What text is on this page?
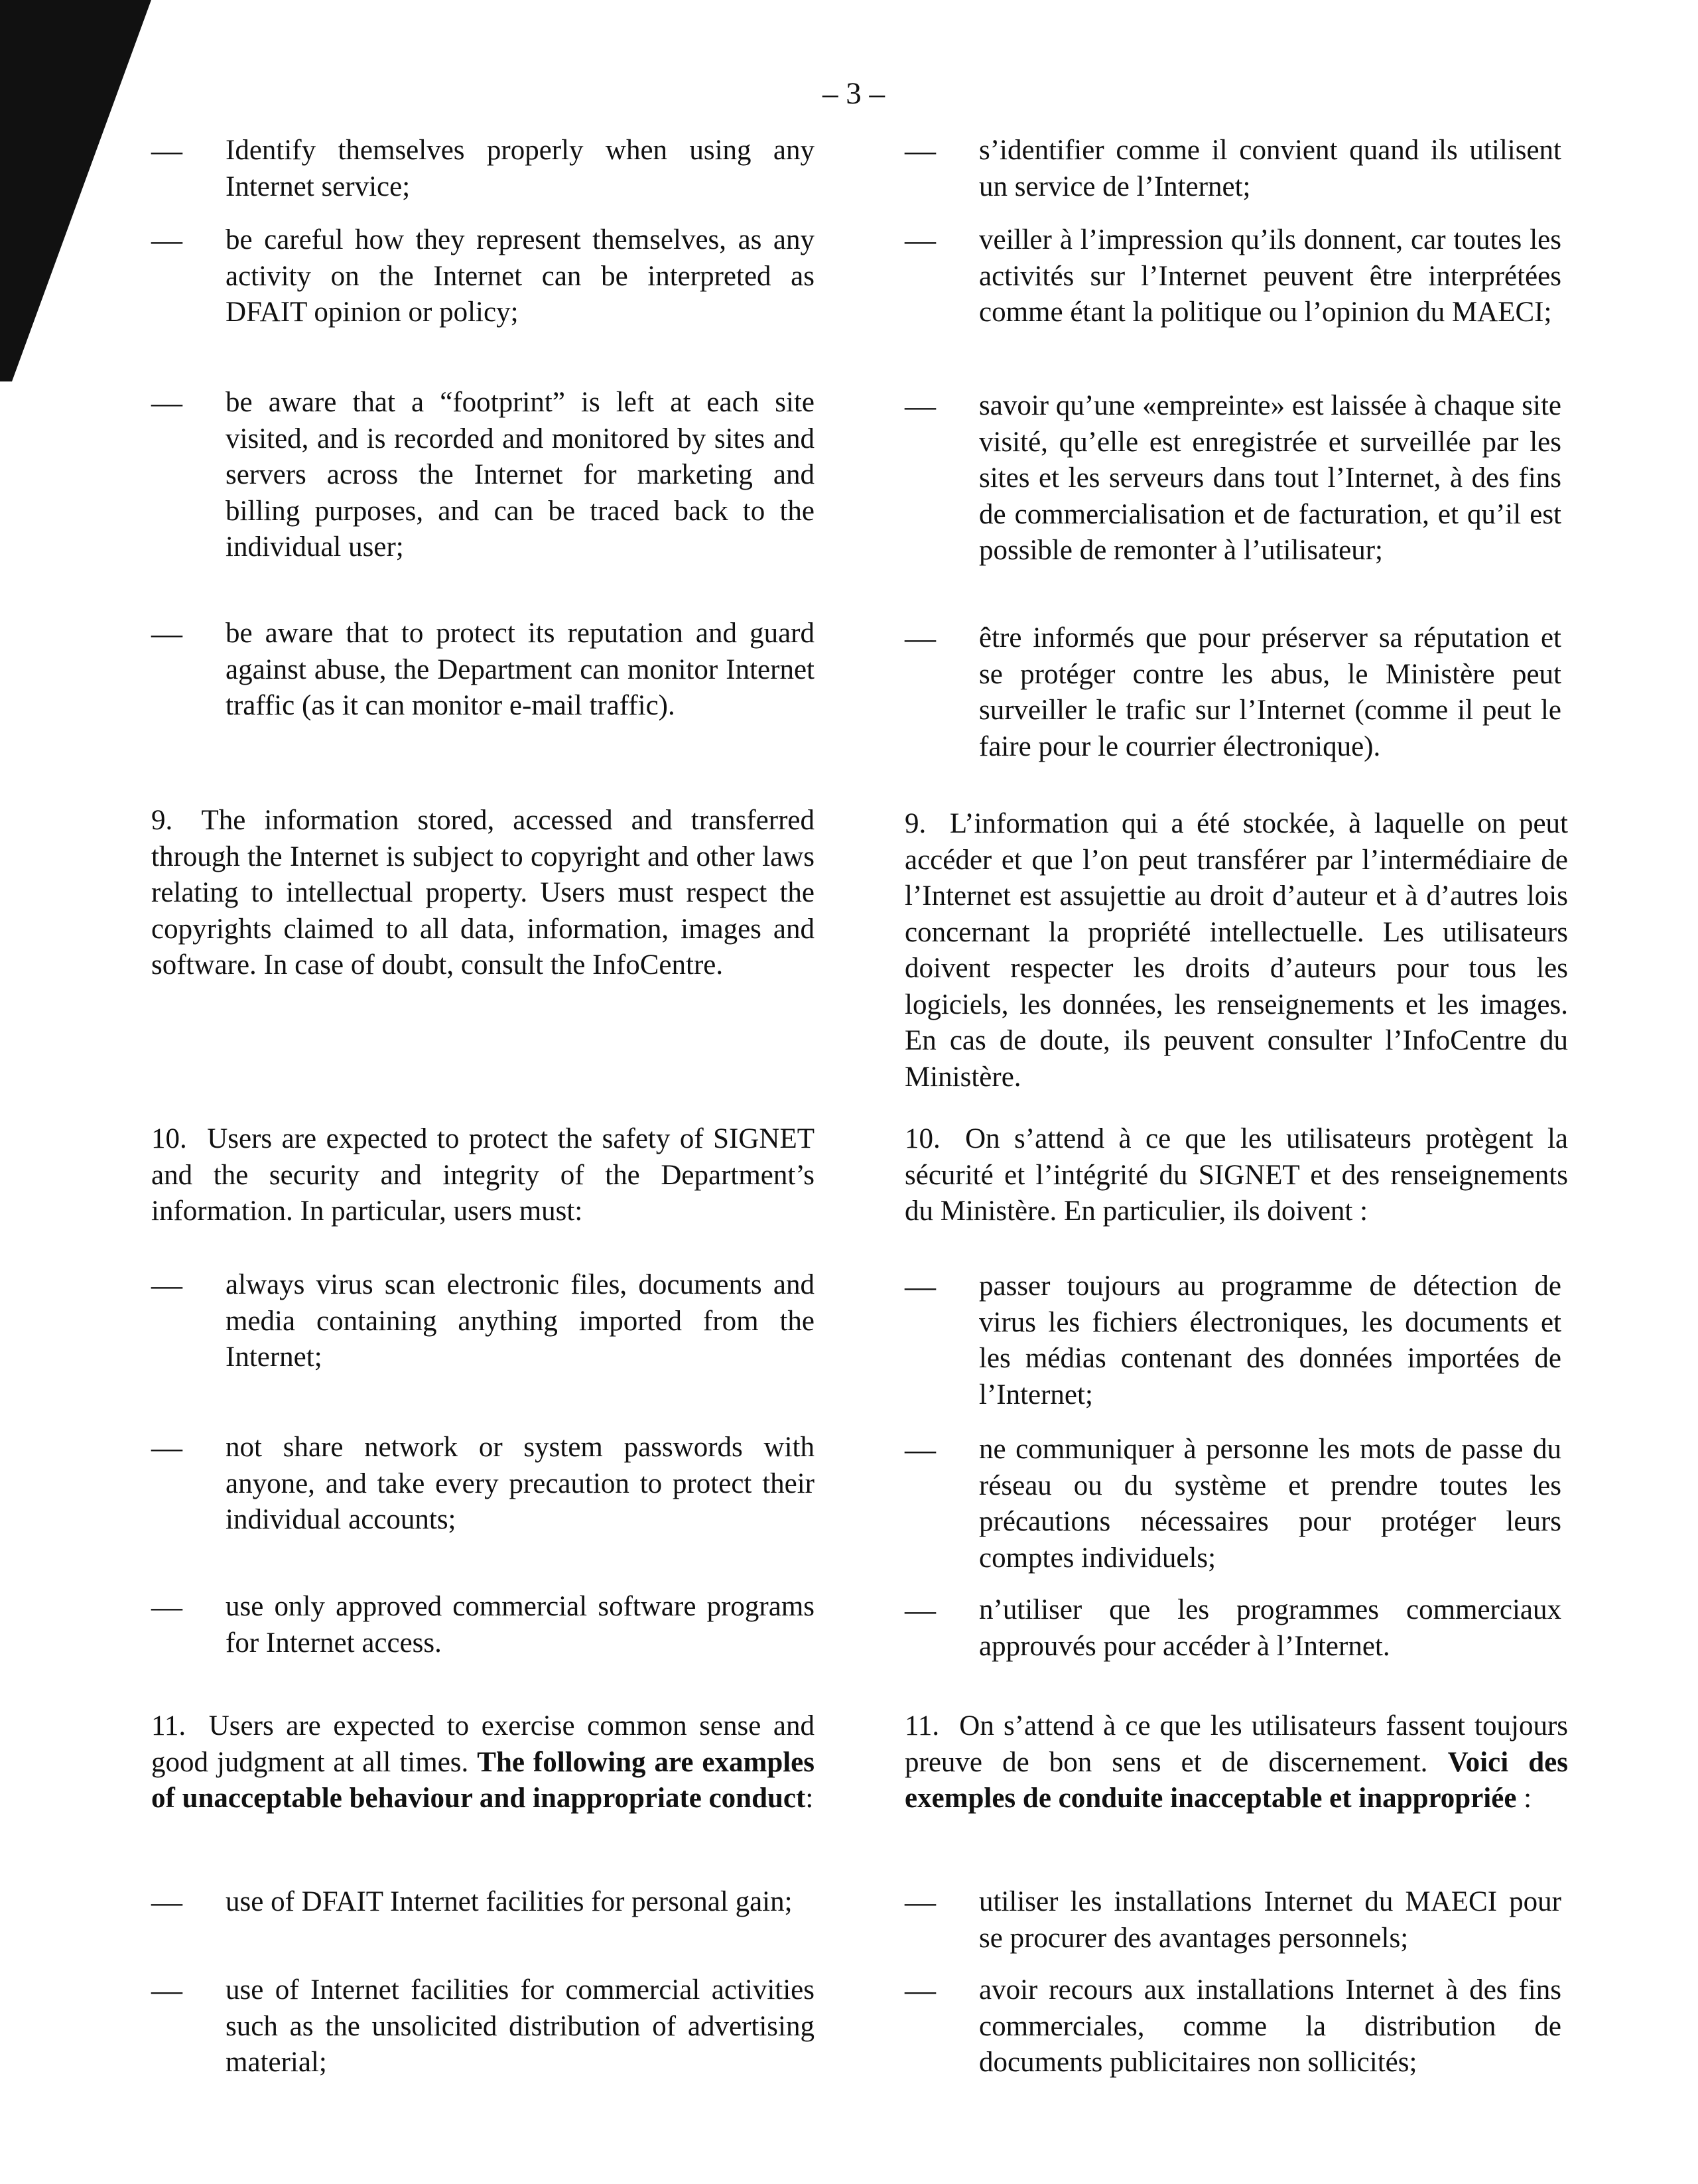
– 3 –
— Identify themselves properly when using any Internet service;
— be careful how they represent themselves, as any activity on the Internet can be interpreted as DFAIT opinion or policy;
— be aware that a “footprint” is left at each site visited, and is recorded and monitored by sites and servers across the Internet for marketing and billing purposes, and can be traced back to the individual user;
— be aware that to protect its reputation and guard against abuse, the Department can monitor Internet traffic (as it can monitor e-mail traffic).
9. The information stored, accessed and transferred through the Internet is subject to copyright and other laws relating to intellectual property. Users must respect the copyrights claimed to all data, information, images and software. In case of doubt, consult the InfoCentre.
10. Users are expected to protect the safety of SIGNET and the security and integrity of the Department’s information. In particular, users must:
— always virus scan electronic files, documents and media containing anything imported from the Internet;
— not share network or system passwords with anyone, and take every precaution to protect their individual accounts;
— use only approved commercial software programs for Internet access.
11. Users are expected to exercise common sense and good judgment at all times. The following are examples of unacceptable behaviour and inappropriate conduct:
— use of DFAIT Internet facilities for personal gain;
— use of Internet facilities for commercial activities such as the unsolicited distribution of advertising material;
— s’identifier comme il convient quand ils utilisent un service de l’Internet;
— veiller à l’impression qu’ils donnent, car toutes les activités sur l’Internet peuvent être interprétées comme étant la politique ou l’opinion du MAECI;
— savoir qu’une «empreinte» est laissée à chaque site visité, qu’elle est enregistrée et surveillée par les sites et les serveurs dans tout l’Internet, à des fins de commercialisation et de facturation, et qu’il est possible de remonter à l’utilisateur;
— être informés que pour préserver sa réputation et se protéger contre les abus, le Ministère peut surveiller le trafic sur l’Internet (comme il peut le faire pour le courrier électronique).
9. L’information qui a été stockée, à laquelle on peut accéder et que l’on peut transférer par l’intermédiaire de l’Internet est assujettie au droit d’auteur et à d’autres lois concernant la propriété intellectuelle. Les utilisateurs doivent respecter les droits d’auteurs pour tous les logiciels, les données, les renseignements et les images. En cas de doute, ils peuvent consulter l’InfoCentre du Ministère.
10. On s’attend à ce que les utilisateurs protègent la sécurité et l’intégrité du SIGNET et des renseignements du Ministère. En particulier, ils doivent :
— passer toujours au programme de détection de virus les fichiers électroniques, les documents et les médias contenant des données importées de l’Internet;
— ne communiquer à personne les mots de passe du réseau ou du système et prendre toutes les précautions nécessaires pour protéger leurs comptes individuels;
— n’utiliser que les programmes commerciaux approuvés pour accéder à l’Internet.
11. On s’attend à ce que les utilisateurs fassent toujours preuve de bon sens et de discernement. Voici des exemples de conduite inacceptable et inappropriée :
— utiliser les installations Internet du MAECI pour se procurer des avantages personnels;
— avoir recours aux installations Internet à des fins commerciales, comme la distribution de documents publicitaires non sollicités;
